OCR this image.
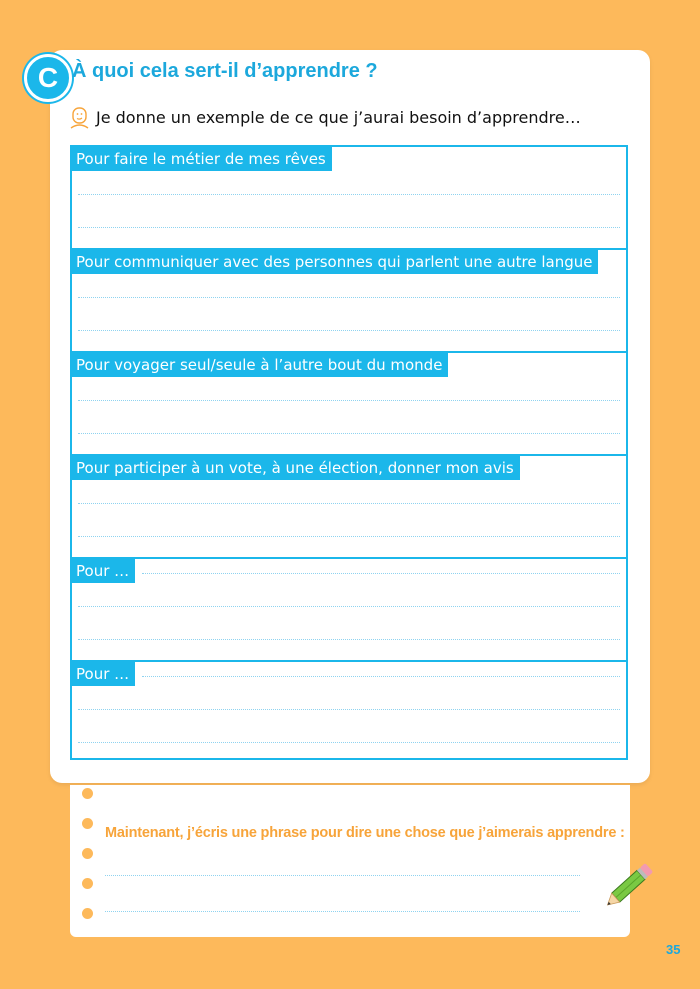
C À quoi cela sert-il d’apprendre ?

Je donne un exemple de ce que j’aurai besoin d’apprendre…

Pour faire le métier de mes rêves
Pour communiquer avec des personnes qui parlent une autre langue
Pour voyager seul/seule à l’autre bout du monde
Pour participer à un vote, à une élection, donner mon avis
Pour …
Pour …

Maintenant, j’écris une phrase pour dire une chose que j’aimerais apprendre :

35
